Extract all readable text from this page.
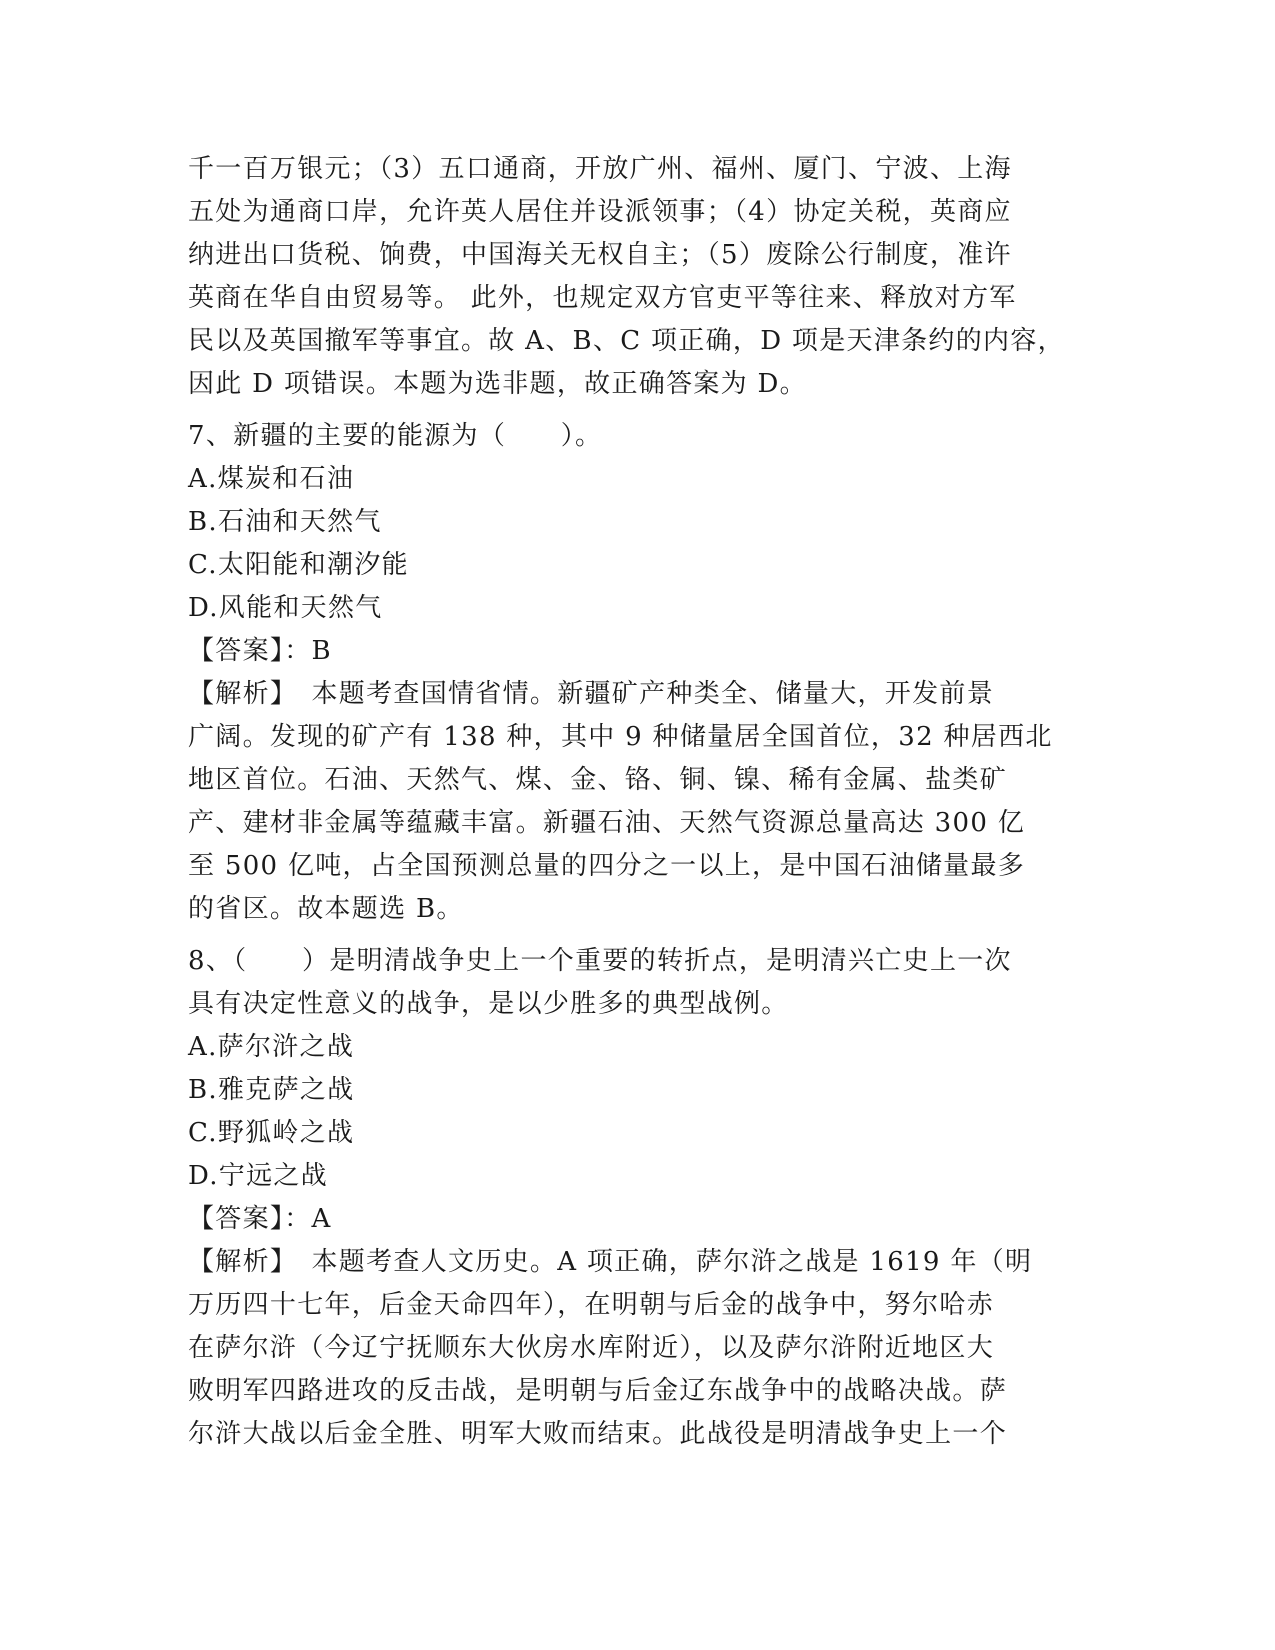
千一百万银元；（3）五口通商，开放广州、福州、厦门、宁波、上海
五处为通商口岸，允许英人居住并设派领事；（4）协定关税，英商应
纳进出口货税、饷费，中国海关无权自主；（5）废除公行制度，准许
英商在华自由贸易等。 此外，也规定双方官吏平等往来、释放对方军
民以及英国撤军等事宜。故 A、B、C 项正确，D 项是天津条约的内容，
因此 D 项错误。本题为选非题，故正确答案为 D。
7、新疆的主要的能源为（　　）。
A.煤炭和石油
B.石油和天然气
C.太阳能和潮汐能
D.风能和天然气
【答案】：B
【解析】　本题考查国情省情。新疆矿产种类全、储量大，开发前景
广阔。发现的矿产有 138 种，其中 9 种储量居全国首位，32 种居西北
地区首位。石油、天然气、煤、金、铬、铜、镍、稀有金属、盐类矿
产、建材非金属等蕴藏丰富。新疆石油、天然气资源总量高达 300 亿
至 500 亿吨，占全国预测总量的四分之一以上，是中国石油储量最多
的省区。故本题选 B。
8、（　　）是明清战争史上一个重要的转折点，是明清兴亡史上一次
具有决定性意义的战争，是以少胜多的典型战例。
A.萨尔浒之战
B.雅克萨之战
C.野狐岭之战
D.宁远之战
【答案】：A
【解析】　本题考查人文历史。A 项正确，萨尔浒之战是 1619 年（明
万历四十七年，后金天命四年），在明朝与后金的战争中，努尔哈赤
在萨尔浒（今辽宁抚顺东大伙房水库附近），以及萨尔浒附近地区大
败明军四路进攻的反击战，是明朝与后金辽东战争中的战略决战。萨
尔浒大战以后金全胜、明军大败而结束。此战役是明清战争史上一个
